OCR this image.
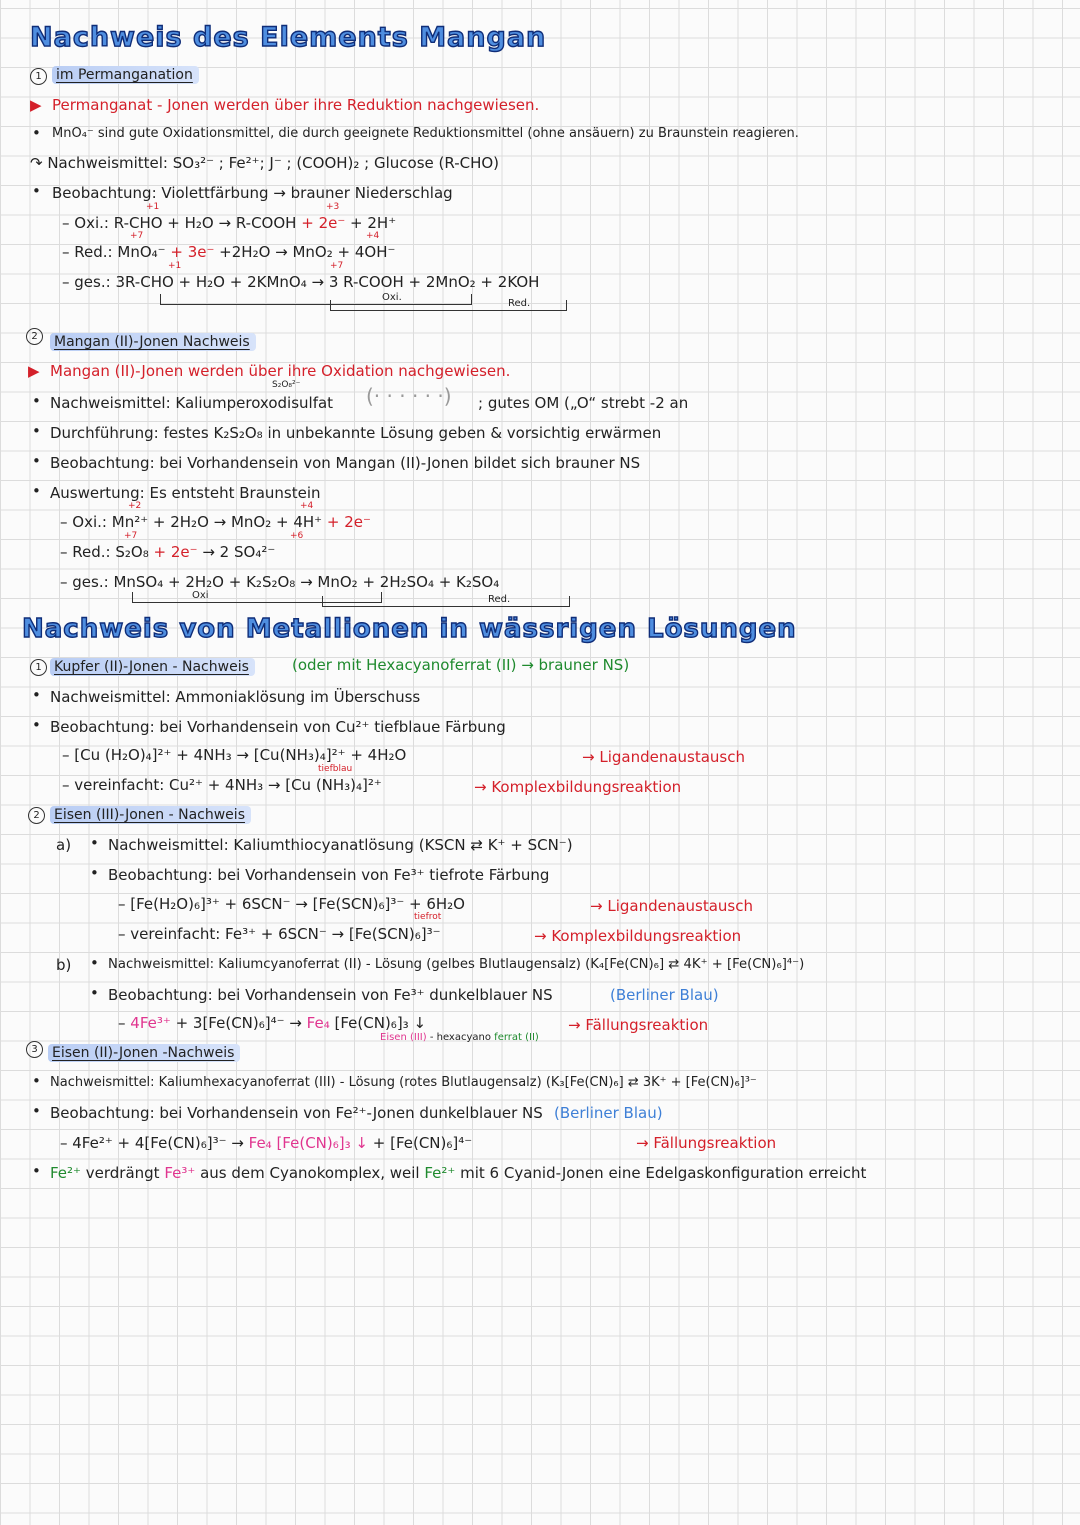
Nachweis des Elements Mangan
1	im Permanganation
▶ Permanganat - Jonen werden über ihre Reduktion nachgewiesen.
• MnO₄⁻ sind gute Oxidationsmittel, die durch geeignete Reduktionsmittel (ohne ansäuern) zu Braunstein reagieren.
↷ Nachweismittel: SO₃²⁻ ; Fe²⁺; J⁻ ; (COOH)₂ ; Glucose (R-CHO)
• Beobachtung: Violettfärbung → brauner Niederschlag
– Oxi.: R-CHO + H₂O → R-COOH + 2e⁻ + 2H⁺
+1	+3
– Red.: MnO₄⁻ + 3e⁻ +2H₂O → MnO₂ + 4OH⁻
+7	+4
– ges.: 3R-CHO + H₂O + 2KMnO₄ → 3 R-COOH + 2MnO₂ + 2KOH
+1	+7
Oxi.
Red.
2	Mangan (II)-Jonen Nachweis
▶ Mangan (II)-Jonen werden über ihre Oxidation nachgewiesen.
S₂O₈²⁻
• Nachweismittel: Kaliumperoxodisulfat (· · · · · ·) ; gutes OM („O“ strebt -2 an
• Durchführung: festes K₂S₂O₈ in unbekannte Lösung geben & vorsichtig erwärmen
• Beobachtung: bei Vorhandensein von Mangan (II)-Jonen bildet sich brauner NS
• Auswertung: Es entsteht Braunstein
– Oxi.: Mn²⁺ + 2H₂O → MnO₂ + 4H⁺ + 2e⁻
+2	+4
– Red.: S₂O₈ + 2e⁻ → 2 SO₄²⁻
+7	+6
– ges.: MnSO₄ + 2H₂O + K₂S₂O₈ → MnO₂ + 2H₂SO₄ + K₂SO₄
Oxi	Red.
Nachweis von Metallionen in wässrigen Lösungen
1 Kupfer (II)-Jonen - Nachweis	(oder mit Hexacyanoferrat (II) → brauner NS)
• Nachweismittel: Ammoniaklösung im Überschuss
• Beobachtung: bei Vorhandensein von Cu²⁺ tiefblaue Färbung
– [Cu (H₂O)₄]²⁺ + 4NH₃ → [Cu(NH₃)₄]²⁺ + 4H₂O	→ Ligandenaustausch
tiefblau
– vereinfacht: Cu²⁺ + 4NH₃ → [Cu (NH₃)₄]²⁺	→ Komplexbildungsreaktion
2	Eisen (III)-Jonen - Nachweis
a) • Nachweismittel: Kaliumthiocyanatlösung (KSCN ⇄ K⁺ + SCN⁻)
• Beobachtung: bei Vorhandensein von Fe³⁺ tiefrote Färbung
– [Fe(H₂O)₆]³⁺ + 6SCN⁻ → [Fe(SCN)₆]³⁻ + 6H₂O	→ Ligandenaustausch
tiefrot
– vereinfacht: Fe³⁺ + 6SCN⁻ → [Fe(SCN)₆]³⁻	→ Komplexbildungsreaktion
b) • Nachweismittel: Kaliumcyanoferrat (II) - Lösung (gelbes Blutlaugensalz) (K₄[Fe(CN)₆] ⇄ 4K⁺ + [Fe(CN)₆]⁴⁻)
• Beobachtung: bei Vorhandensein von Fe³⁺ dunkelblauer NS	(Berliner Blau)
– 4Fe³⁺ + 3[Fe(CN)₆]⁴⁻ → Fe₄ [Fe(CN)₆]₃ ↓	→ Fällungsreaktion
Eisen (III) - hexacyano ferrat (II)
3	Eisen (II)-Jonen -Nachweis
• Nachweismittel: Kaliumhexacyanoferrat (III) - Lösung (rotes Blutlaugensalz) (K₃[Fe(CN)₆] ⇄ 3K⁺ + [Fe(CN)₆]³⁻
• Beobachtung: bei Vorhandensein von Fe²⁺-Jonen dunkelblauer NS (Berliner Blau)
– 4Fe²⁺ + 4[Fe(CN)₆]³⁻ → Fe₄ [Fe(CN)₆]₃ ↓ + [Fe(CN)₆]⁴⁻	→ Fällungsreaktion
• Fe²⁺ verdrängt Fe³⁺ aus dem Cyanokomplex, weil Fe²⁺ mit 6 Cyanid-Jonen eine Edelgaskonfiguration erreicht
